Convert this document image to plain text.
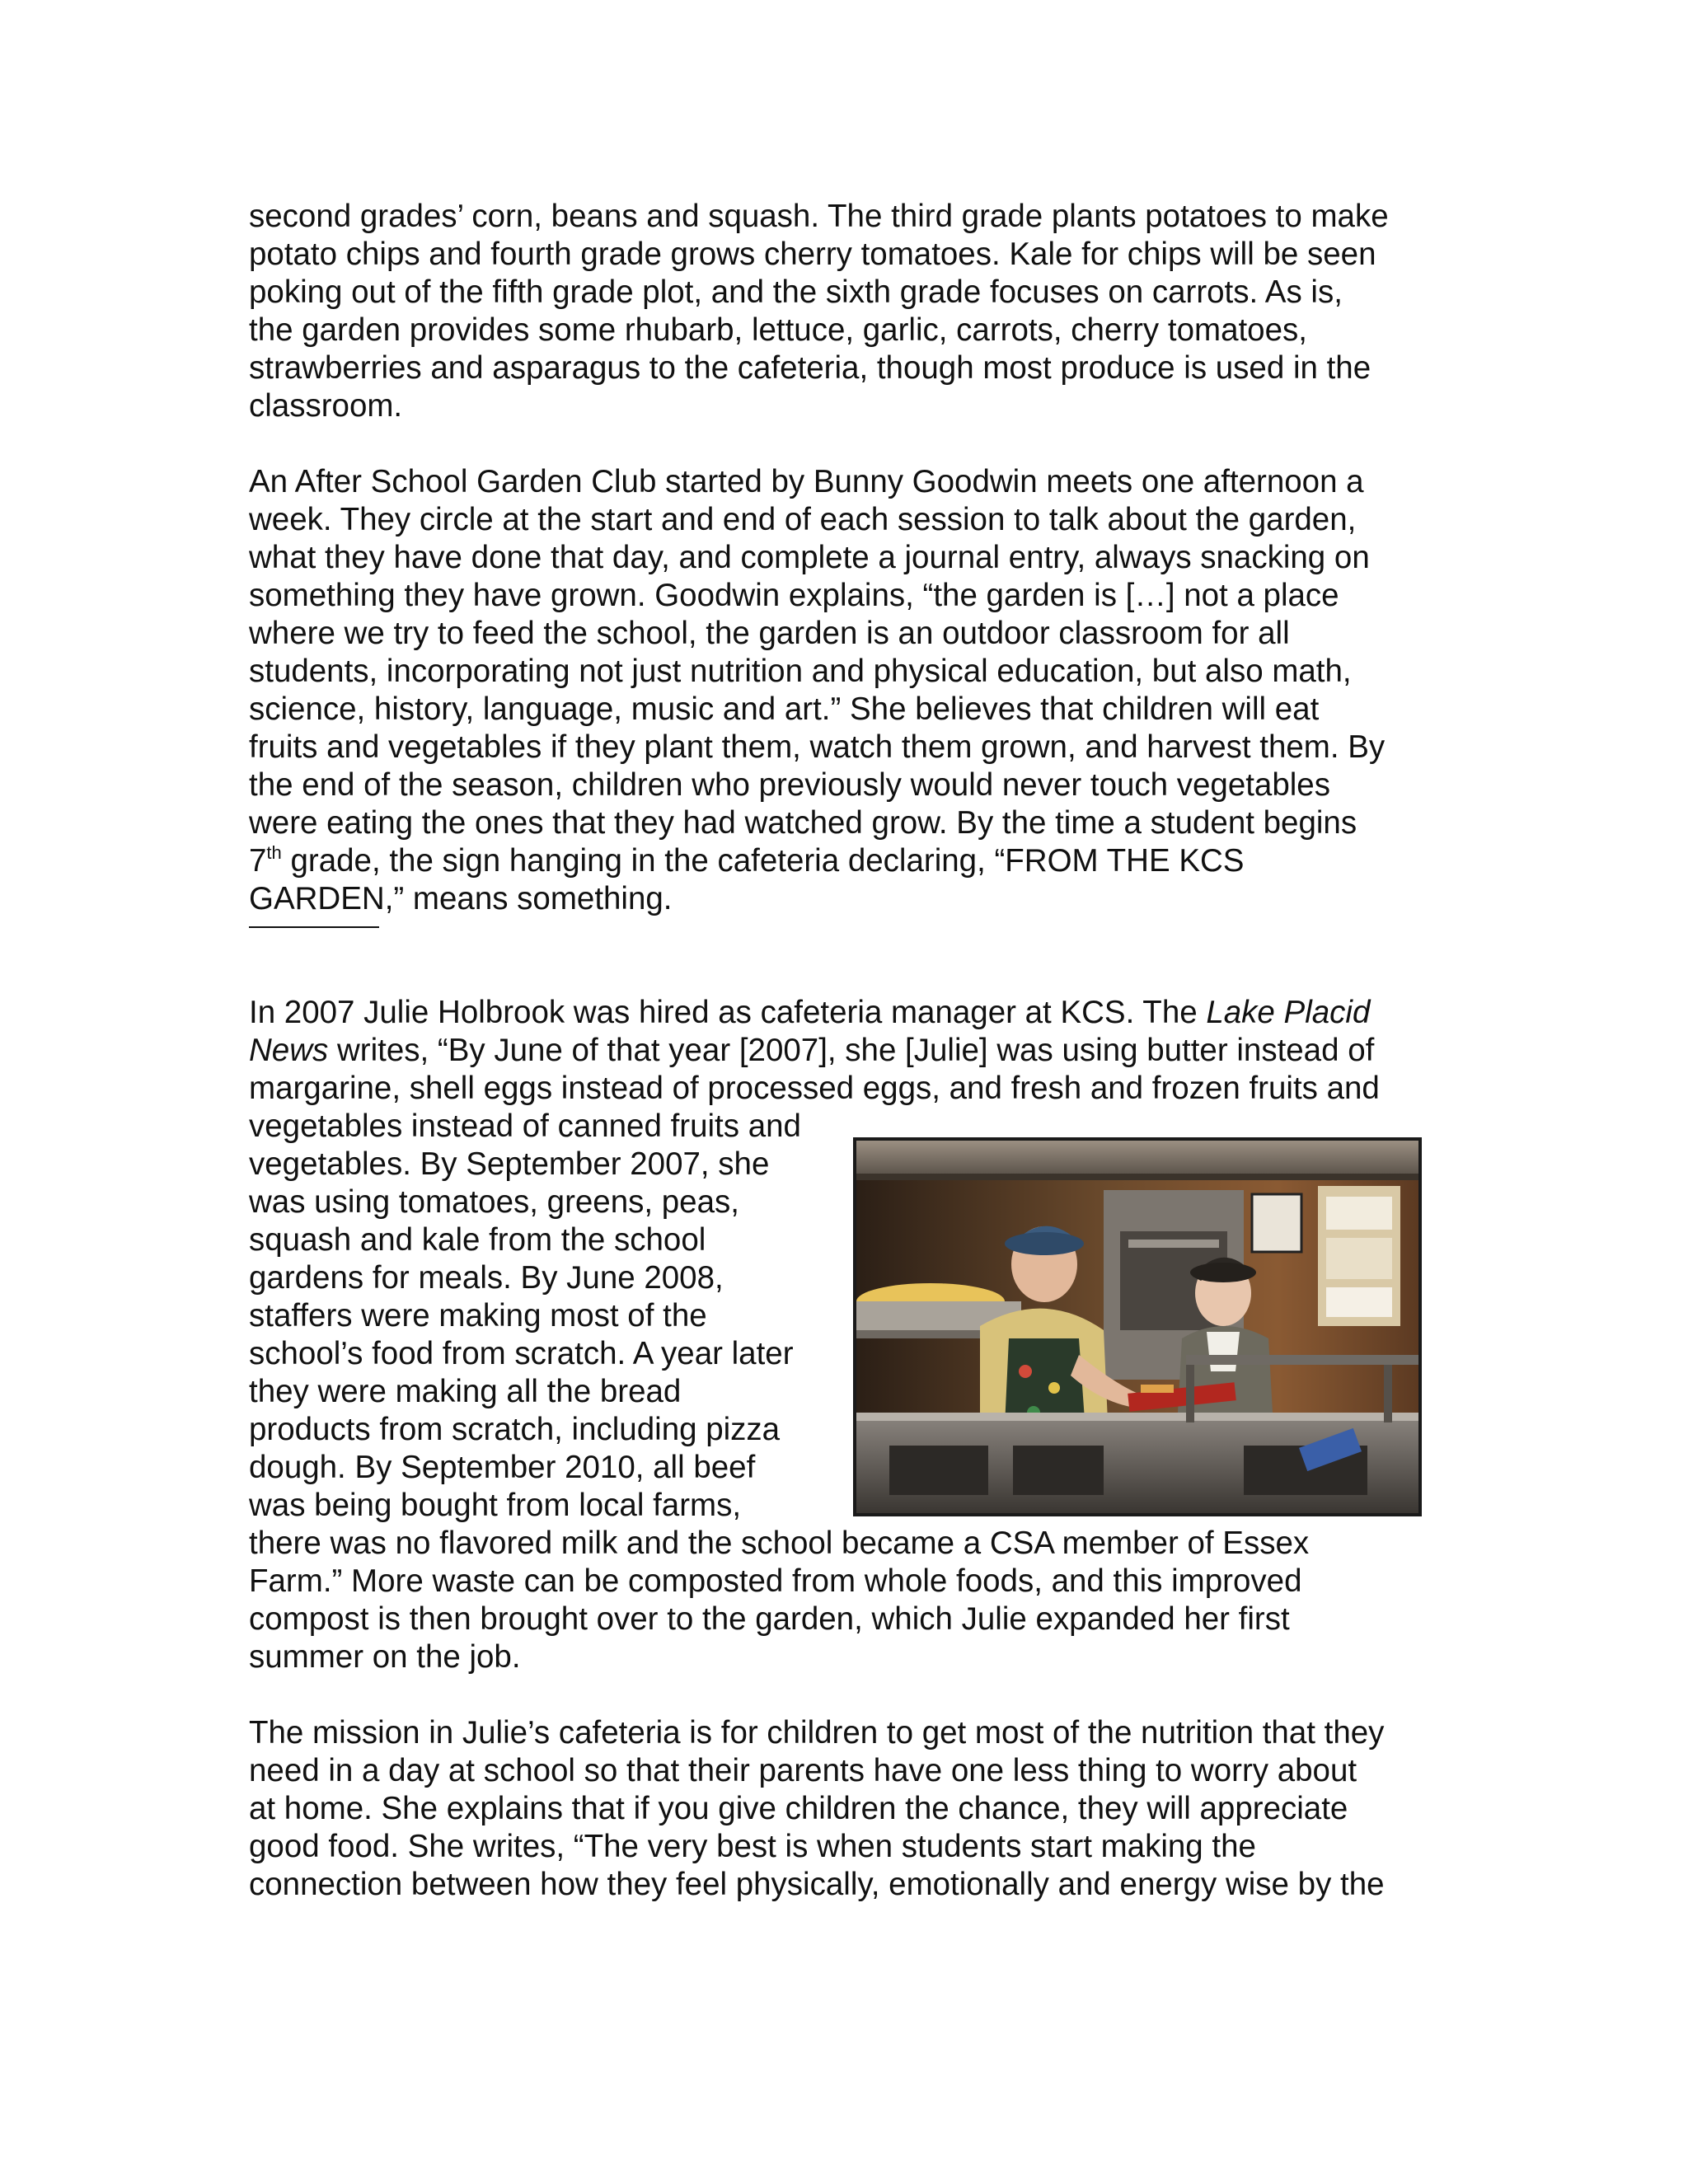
second grades’ corn, beans and squash. The third grade plants potatoes to make
potato chips and fourth grade grows cherry tomatoes. Kale for chips will be seen
poking out of the fifth grade plot, and the sixth grade focuses on carrots. As is,
the garden provides some rhubarb, lettuce, garlic, carrots, cherry tomatoes,
strawberries and asparagus to the cafeteria, though most produce is used in the
classroom.
An After School Garden Club started by Bunny Goodwin meets one afternoon a
week. They circle at the start and end of each session to talk about the garden,
what they have done that day, and complete a journal entry, always snacking on
something they have grown. Goodwin explains, “the garden is […] not a place
where we try to feed the school, the garden is an outdoor classroom for all
students, incorporating not just nutrition and physical education, but also math,
science, history, language, music and art.” She believes that children will eat
fruits and vegetables if they plant them, watch them grown, and harvest them. By
the end of the season, children who previously would never touch vegetables
were eating the ones that they had watched grow. By the time a student begins
7th grade, the sign hanging in the cafeteria declaring, “FROM THE KCS
GARDEN,” means something.
In 2007 Julie Holbrook was hired as cafeteria manager at KCS. The Lake Placid
News writes, “By June of that year [2007], she [Julie] was using butter instead of
margarine, shell eggs instead of processed eggs, and fresh and frozen fruits and
vegetables instead of canned fruits and
vegetables. By September 2007, she
was using tomatoes, greens, peas,
squash and kale from the school
gardens for meals. By June 2008,
staffers were making most of the
school’s food from scratch. A year later
they were making all the bread
products from scratch, including pizza
dough. By September 2010, all beef
was being bought from local farms,
there was no flavored milk and the school became a CSA member of Essex
Farm.” More waste can be composted from whole foods, and this improved
compost is then brought over to the garden, which Julie expanded her first
summer on the job.
The mission in Julie’s cafeteria is for children to get most of the nutrition that they
need in a day at school so that their parents have one less thing to worry about
at home. She explains that if you give children the chance, they will appreciate
good food. She writes, “The very best is when students start making the
connection between how they feel physically, emotionally and energy wise by the
